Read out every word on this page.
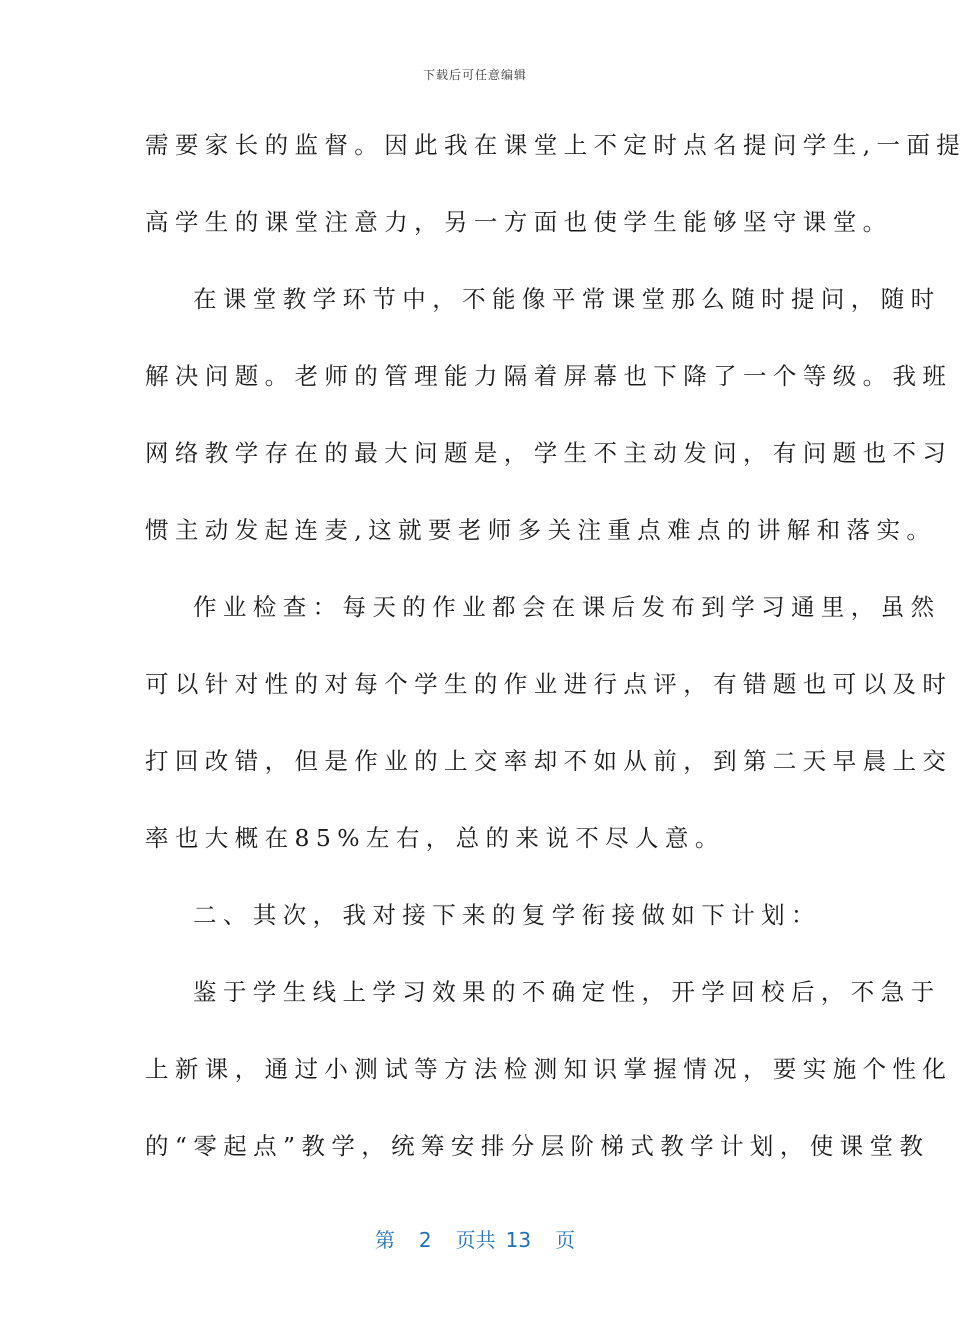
下载后可任意编辑
需要家长的监督。因此我在课堂上不定时点名提问学生,一面提
高学生的课堂注意力，另一方面也使学生能够坚守课堂。
在课堂教学环节中，不能像平常课堂那么随时提问，随时
解决问题。老师的管理能力隔着屏幕也下降了一个等级。我班
网络教学存在的最大问题是，学生不主动发问，有问题也不习
惯主动发起连麦,这就要老师多关注重点难点的讲解和落实。
作业检查：每天的作业都会在课后发布到学习通里，虽然
可以针对性的对每个学生的作业进行点评，有错题也可以及时
打回改错，但是作业的上交率却不如从前，到第二天早晨上交
率也大概在85%左右，总的来说不尽人意。
二、其次，我对接下来的复学衔接做如下计划：
鉴于学生线上学习效果的不确定性，开学回校后，不急于
上新课，通过小测试等方法检测知识掌握情况，要实施个性化
的“零起点”教学，统筹安排分层阶梯式教学计划，使课堂教
第 2 页共 13 页
